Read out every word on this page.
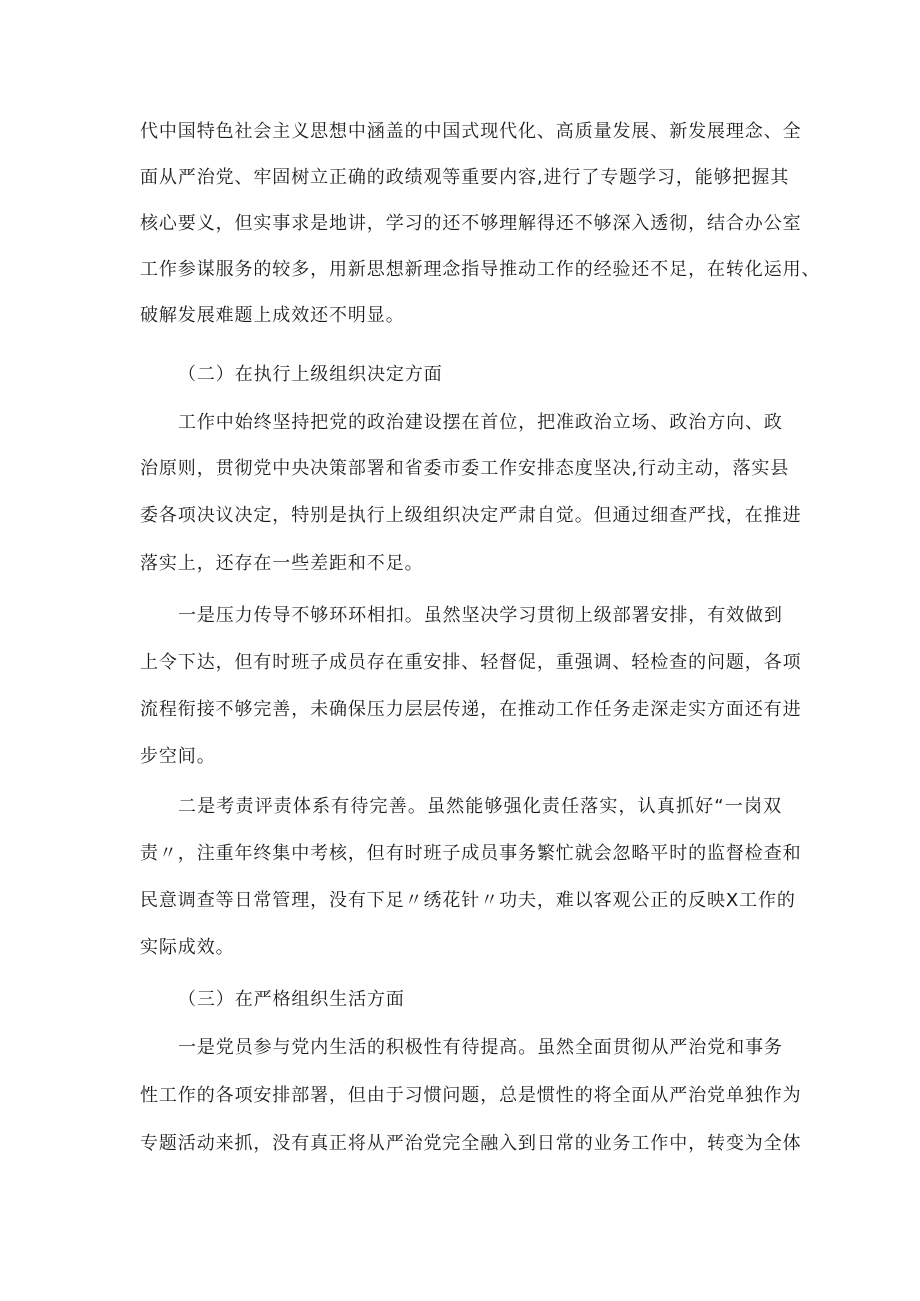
代中国特色社会主义思想中涵盖的中国式现代化、高质量发展、新发展理念、全
面从严治党、牢固树立正确的政绩观等重要内容,进行了专题学习，能够把握其
核心要义，但实事求是地讲，学习的还不够理解得还不够深入透彻，结合办公室
工作参谋服务的较多，用新思想新理念指导推动工作的经验还不足，在转化运用、
破解发展难题上成效还不明显。
（二）在执行上级组织决定方面
工作中始终坚持把党的政治建设摆在首位，把准政治立场、政治方向、政
治原则，贯彻党中央决策部署和省委市委工作安排态度坚决,行动主动，落实县
委各项决议决定，特别是执行上级组织决定严肃自觉。但通过细查严找，在推进
落实上，还存在一些差距和不足。
一是压力传导不够环环相扣。虽然坚决学习贯彻上级部署安排，有效做到
上令下达，但有时班子成员存在重安排、轻督促，重强调、轻检查的问题，各项
流程衔接不够完善，未确保压力层层传递，在推动工作任务走深走实方面还有进
步空间。
二是考责评责体系有待完善。虽然能够强化责任落实，认真抓好“一岗双
责〃，注重年终集中考核，但有时班子成员事务繁忙就会忽略平时的监督检查和
民意调查等日常管理，没有下足〃绣花针〃功夫，难以客观公正的反映X工作的
实际成效。
（三）在严格组织生活方面
一是党员参与党内生活的积极性有待提高。虽然全面贯彻从严治党和事务
性工作的各项安排部署，但由于习惯问题，总是惯性的将全面从严治党单独作为
专题活动来抓，没有真正将从严治党完全融入到日常的业务工作中，转变为全体
